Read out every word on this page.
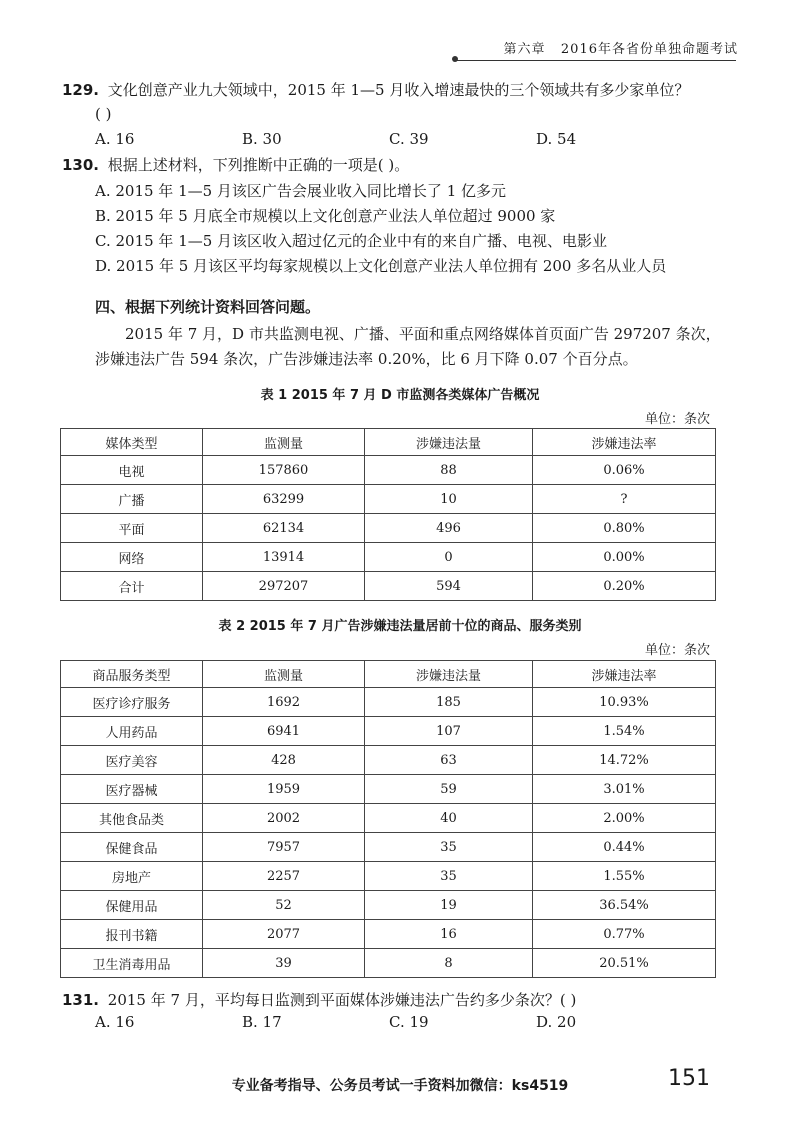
第六章 2016年各省份单独命题考试
129. 文化创意产业九大领域中，2015 年 1—5 月收入增速最快的三个领域共有多少家单位？
( )
A. 16	B. 30	C. 39	D. 54
130. 根据上述材料，下列推断中正确的一项是( )。
A. 2015 年 1—5 月该区广告会展业收入同比增长了 1 亿多元
B. 2015 年 5 月底全市规模以上文化创意产业法人单位超过 9000 家
C. 2015 年 1—5 月该区收入超过亿元的企业中有的来自广播、电视、电影业
D. 2015 年 5 月该区平均每家规模以上文化创意产业法人单位拥有 200 多名从业人员
四、根据下列统计资料回答问题。
2015 年 7 月，D 市共监测电视、广播、平面和重点网络媒体首页面广告 297207 条次，涉嫌违法广告 594 条次，广告涉嫌违法率 0.20%，比 6 月下降 0.07 个百分点。
表 1 2015 年 7 月 D 市监测各类媒体广告概况
单位：条次
媒体类型	监测量	涉嫌违法量	涉嫌违法率
电视	157860	88	0.06%
广播	63299	10	?
平面	62134	496	0.80%
网络	13914	0	0.00%
合计	297207	594	0.20%
表 2 2015 年 7 月广告涉嫌违法量居前十位的商品、服务类别
单位：条次
商品服务类型	监测量	涉嫌违法量	涉嫌违法率
医疗诊疗服务	1692	185	10.93%
人用药品	6941	107	1.54%
医疗美容	428	63	14.72%
医疗器械	1959	59	3.01%
其他食品类	2002	40	2.00%
保健食品	7957	35	0.44%
房地产	2257	35	1.55%
保健用品	52	19	36.54%
报刊书籍	2077	16	0.77%
卫生消毒用品	39	8	20.51%
131. 2015 年 7 月，平均每日监测到平面媒体涉嫌违法广告约多少条次？( )
A. 16	B. 17	C. 19	D. 20
专业备考指导、公务员考试一手资料加微信：ks4519	151
